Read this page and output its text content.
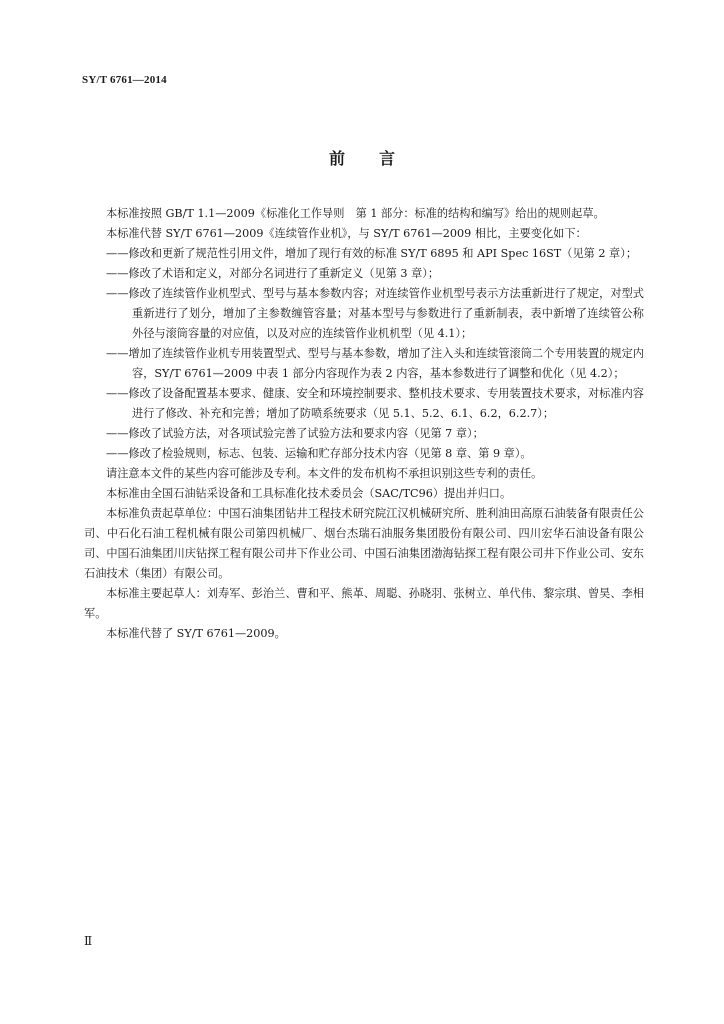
SY/T 6761—2014

前言

本标准按照 GB/T 1.1—2009《标准化工作导则　第 1 部分：标准的结构和编写》给出的规则起草。

本标准代替 SY/T 6761—2009《连续管作业机》，与 SY/T 6761—2009 相比，主要变化如下：

——修改和更新了规范性引用文件，增加了现行有效的标准 SY/T 6895 和 API Spec 16ST（见第 2 章）；

——修改了术语和定义，对部分名词进行了重新定义（见第 3 章）；

——修改了连续管作业机型式、型号与基本参数内容；对连续管作业机型号表示方法重新进行了规定，对型式重新进行了划分，增加了主参数缠管容量；对基本型号与参数进行了重新制表，表中新增了连续管公称外径与滚筒容量的对应值，以及对应的连续管作业机机型（见 4.1）；

——增加了连续管作业机专用装置型式、型号与基本参数，增加了注入头和连续管滚筒二个专用装置的规定内容，SY/T 6761—2009 中表 1 部分内容现作为表 2 内容，基本参数进行了调整和优化（见 4.2）；

——修改了设备配置基本要求、健康、安全和环境控制要求、整机技术要求、专用装置技术要求，对标准内容进行了修改、补充和完善；增加了防喷系统要求（见 5.1、5.2、6.1、6.2，6.2.7）；

——修改了试验方法，对各项试验完善了试验方法和要求内容（见第 7 章）；

——修改了检验规则，标志、包装、运输和贮存部分技术内容（见第 8 章、第 9 章）。

请注意本文件的某些内容可能涉及专利。本文件的发布机构不承担识别这些专利的责任。

本标准由全国石油钻采设备和工具标准化技术委员会（SAC/TC96）提出并归口。

本标准负责起草单位：中国石油集团钻井工程技术研究院江汉机械研究所、胜利油田高原石油装备有限责任公司、中石化石油工程机械有限公司第四机械厂、烟台杰瑞石油服务集团股份有限公司、四川宏华石油设备有限公司、中国石油集团川庆钻探工程有限公司井下作业公司、中国石油集团渤海钻探工程有限公司井下作业公司、安东石油技术（集团）有限公司。

本标准主要起草人：刘寿军、彭治兰、曹和平、熊革、周聪、孙晓羽、张树立、单代伟、黎宗琪、曾昊、李相军。

本标准代替了 SY/T 6761—2009。

Ⅱ
